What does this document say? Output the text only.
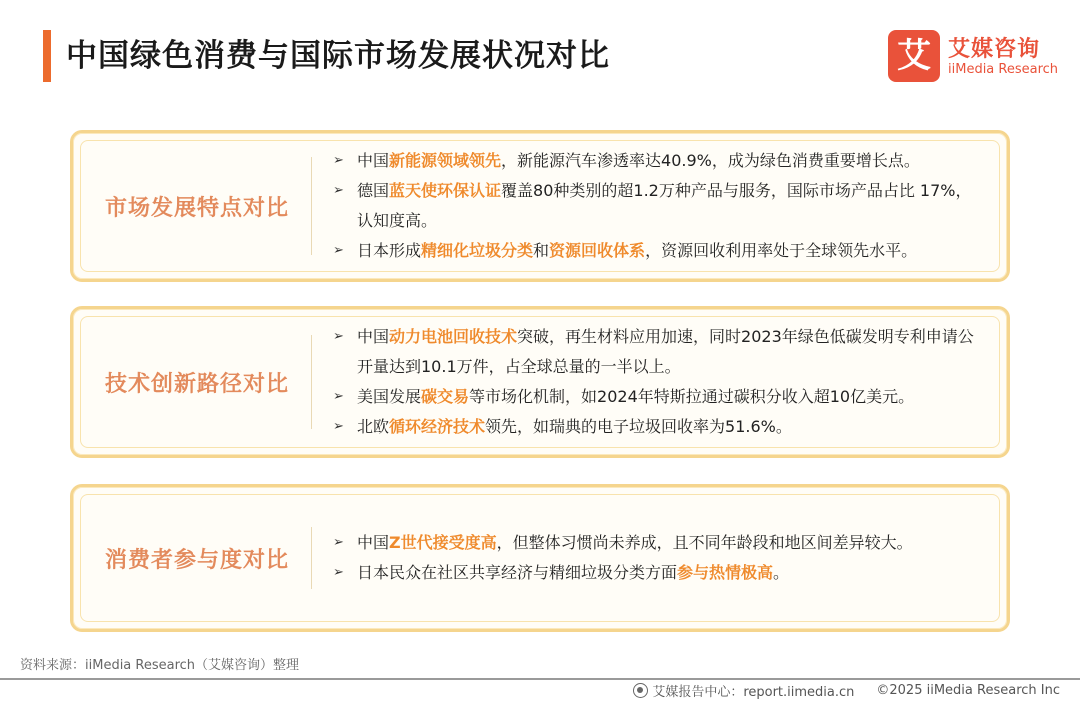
中国绿色消费与国际市场发展状况对比	艾 艾媒咨询
iiMedia Research
市场发展特点对比
➢ 中国新能源领域领先，新能源汽车渗透率达40.9%，成为绿色消费重要增长点。
➢ 德国蓝天使环保认证覆盖80种类别的超1.2万种产品与服务，国际市场产品占比 17%，认知度高。
➢ 日本形成精细化垃圾分类和资源回收体系，资源回收利用率处于全球领先水平。
技术创新路径对比
➢ 中国动力电池回收技术突破，再生材料应用加速，同时2023年绿色低碳发明专利申请公开量达到10.1万件，占全球总量的一半以上。
➢ 美国发展碳交易等市场化机制，如2024年特斯拉通过碳积分收入超10亿美元。
➢ 北欧循环经济技术领先，如瑞典的电子垃圾回收率为51.6%。
消费者参与度对比
➢ 中国Z世代接受度高，但整体习惯尚未养成，且不同年龄段和地区间差异较大。
➢ 日本民众在社区共享经济与精细垃圾分类方面参与热情极高。
资料来源：iiMedia Research（艾媒咨询）整理
艾媒报告中心：report.iimedia.cn ©2025 iiMedia Research Inc
